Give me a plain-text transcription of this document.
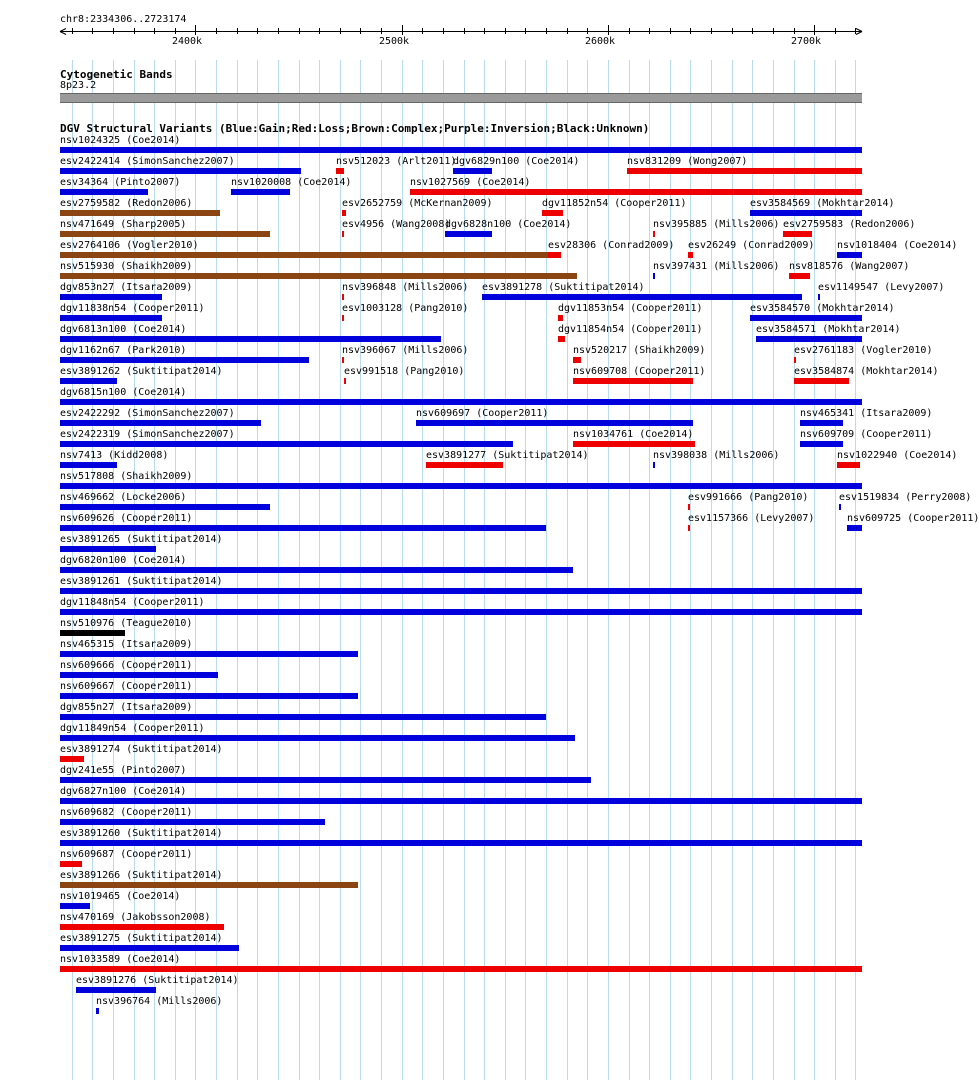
chr8:2334306..2723174
2400k	2500k	2600k	2700k
Cytogenetic Bands
8p23.2
DGV Structural Variants (Blue:Gain;Red:Loss;Brown:Complex;Purple:Inversion;Black:Unknown)
nsv1024325 (Coe2014)
esv2422414 (SimonSanchez2007)	nsv512023 (Arlt2011)
dgv6829n100 (Coe2014)	nsv831209 (Wong2007)
esv34364 (Pinto2007)	nsv1020008 (Coe2014)	nsv1027569 (Coe2014)
esv2759582 (Redon2006)	esv2652759 (McKernan2009)	dgv11852n54 (Cooper2011)	esv3584569 (Mokhtar2014)
nsv471649 (Sharp2005)	esv4956 (Wang2008)
dgv6828n100 (Coe2014)	nsv395885 (Mills2006) esv2759583 (Redon2006)
esv2764106 (Vogler2010)	esv28306 (Conrad2009) esv26249 (Conrad2009) nsv1018404 (Coe2014)
nsv515930 (Shaikh2009)	nsv397431 (Mills2006) nsv818576 (Wang2007)
dgv853n27 (Itsara2009)	nsv396848 (Mills2006) esv3891278 (Suktitipat2014)	esv1149547 (Levy2007)
dgv11838n54 (Cooper2011)	esv1003128 (Pang2010)	dgv11853n54 (Cooper2011)	esv3584570 (Mokhtar2014)
dgv6813n100 (Coe2014)	dgv11854n54 (Cooper2011)	esv3584571 (Mokhtar2014)
dgv1162n67 (Park2010)	nsv396067 (Mills2006)	nsv520217 (Shaikh2009)	esv2761183 (Vogler2010)
esv3891262 (Suktitipat2014)	esv991518 (Pang2010)	nsv609708 (Cooper2011)	esv3584874 (Mokhtar2014)
dgv6815n100 (Coe2014)
esv2422292 (SimonSanchez2007)	nsv609697 (Cooper2011)	nsv465341 (Itsara2009)
esv2422319 (SimonSanchez2007)	nsv1034761 (Coe2014)	nsv609709 (Cooper2011)
nsv7413 (Kidd2008)	esv3891277 (Suktitipat2014)	nsv398038 (Mills2006)	nsv1022940 (Coe2014)
nsv517808 (Shaikh2009)
nsv469662 (Locke2006)	esv991666 (Pang2010)	esv1519834 (Perry2008)
nsv609626 (Cooper2011)	esv1157366 (Levy2007)	nsv609725 (Cooper2011)
esv3891265 (Suktitipat2014)
dgv6820n100 (Coe2014)
esv3891261 (Suktitipat2014)
dgv11848n54 (Cooper2011)
nsv510976 (Teague2010)
nsv465315 (Itsara2009)
nsv609666 (Cooper2011)
nsv609667 (Cooper2011)
dgv855n27 (Itsara2009)
dgv11849n54 (Cooper2011)
esv3891274 (Suktitipat2014)
dgv241e55 (Pinto2007)
dgv6827n100 (Coe2014)
nsv609682 (Cooper2011)
esv3891260 (Suktitipat2014)
nsv609687 (Cooper2011)
esv3891266 (Suktitipat2014)
nsv1019465 (Coe2014)
nsv470169 (Jakobsson2008)
esv3891275 (Suktitipat2014)
nsv1033589 (Coe2014)
esv3891276 (Suktitipat2014)
nsv396764 (Mills2006)
